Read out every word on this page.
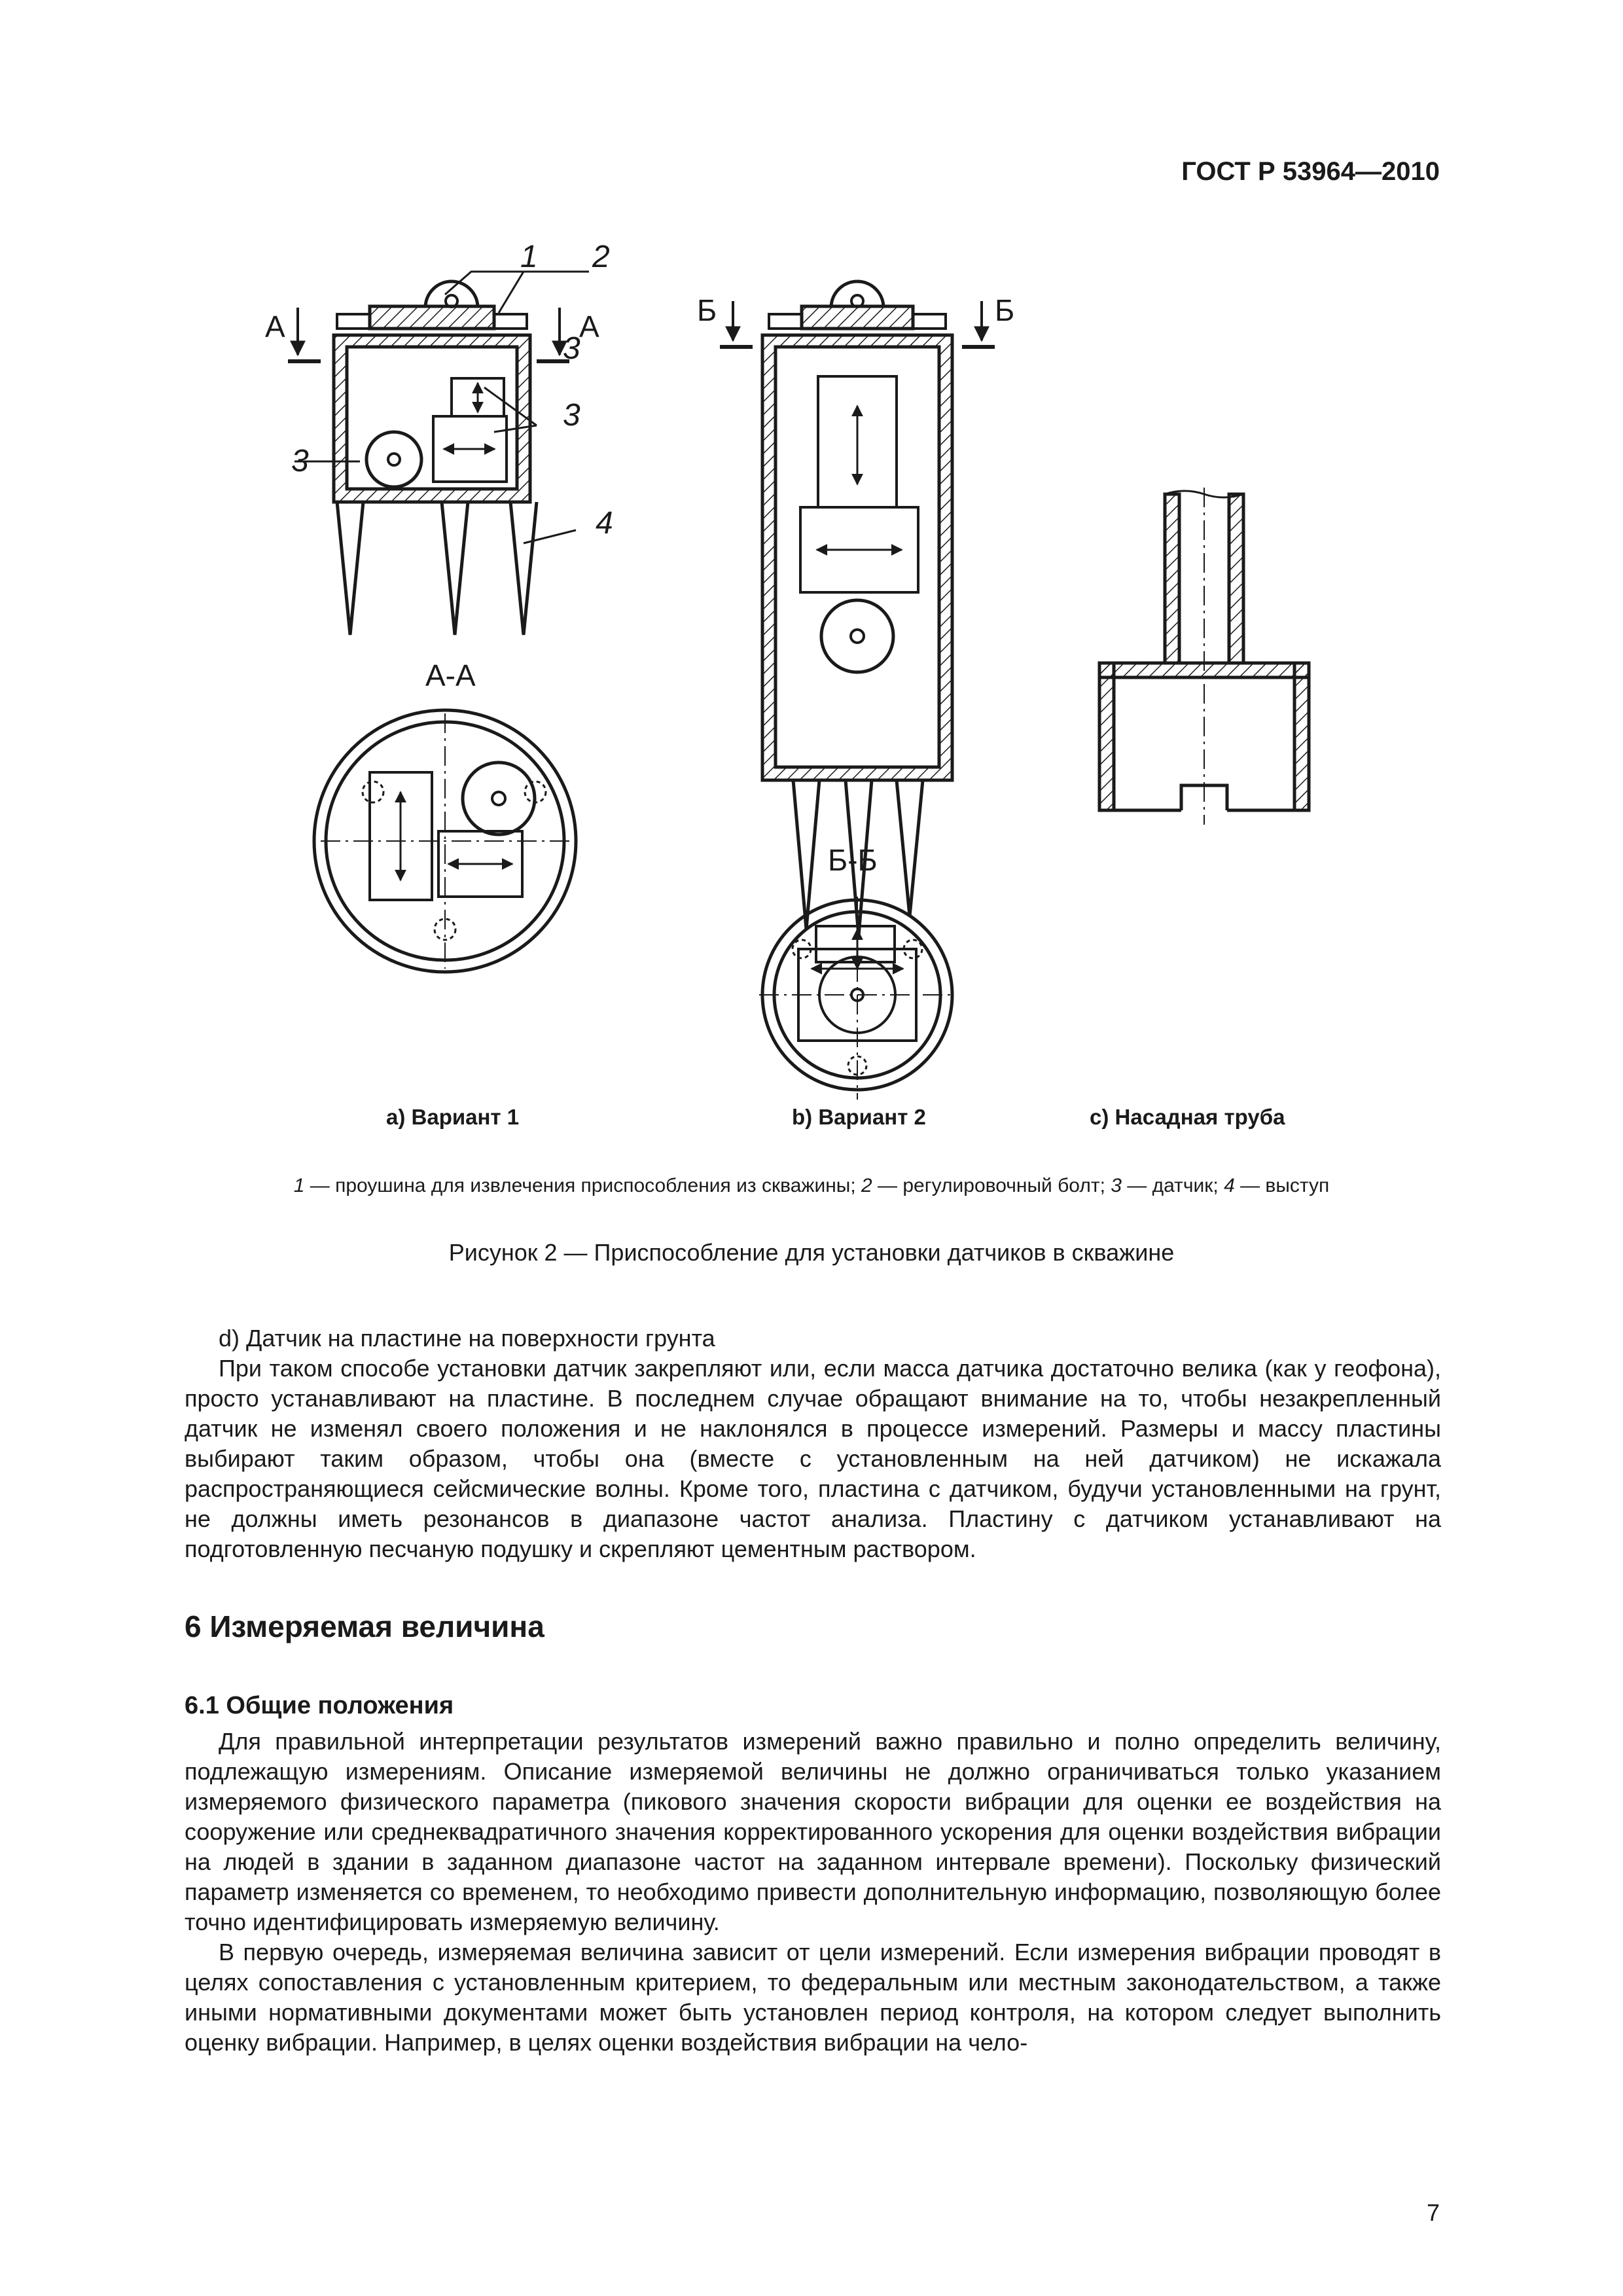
ГОСТ Р 53964—2010
1 2
3
3
3
4
А	А	Б	Б
А-А
Б-Б
а) Вариант 1	b) Вариант 2	с) Насадная труба
1 — проушина для извлечения приспособления из скважины; 2 — регулировочный болт; 3 — датчик; 4 — выступ
Рисунок 2 — Приспособление для установки датчиков в скважине

d) Датчик на пластине на поверхности грунта

При таком способе установки датчик закрепляют или, если масса датчика достаточно велика (как у геофона), просто устанавливают на пластине. В последнем случае обращают внимание на то, чтобы незакрепленный датчик не изменял своего положения и не наклонялся в процессе измерений. Размеры и массу пластины выбирают таким образом, чтобы она (вместе с установленным на ней датчиком) не искажала распространяющиеся сейсмические волны. Кроме того, пластина с датчиком, будучи установленными на грунт, не должны иметь резонансов в диапазоне частот анализа. Пластину с датчиком устанавливают на подготовленную песчаную подушку и скрепляют цементным раствором.

6 Измеряемая величина
6.1 Общие положения

Для правильной интерпретации результатов измерений важно правильно и полно определить величину, подлежащую измерениям. Описание измеряемой величины не должно ограничиваться только указанием измеряемого физического параметра (пикового значения скорости вибрации для оценки ее воздействия на сооружение или среднеквадратичного значения корректированного ускорения для оценки воздействия вибрации на людей в здании в заданном диапазоне частот на заданном интервале времени). Поскольку физический параметр изменяется со временем, то необходимо привести дополнительную информацию, позволяющую более точно идентифицировать измеряемую величину.

В первую очередь, измеряемая величина зависит от цели измерений. Если измерения вибрации проводят в целях сопоставления с установленным критерием, то федеральным или местным законодательством, а также иными нормативными документами может быть установлен период контроля, на котором следует выполнить оценку вибрации. Например, в целях оценки воздействия вибрации на чело-

7
